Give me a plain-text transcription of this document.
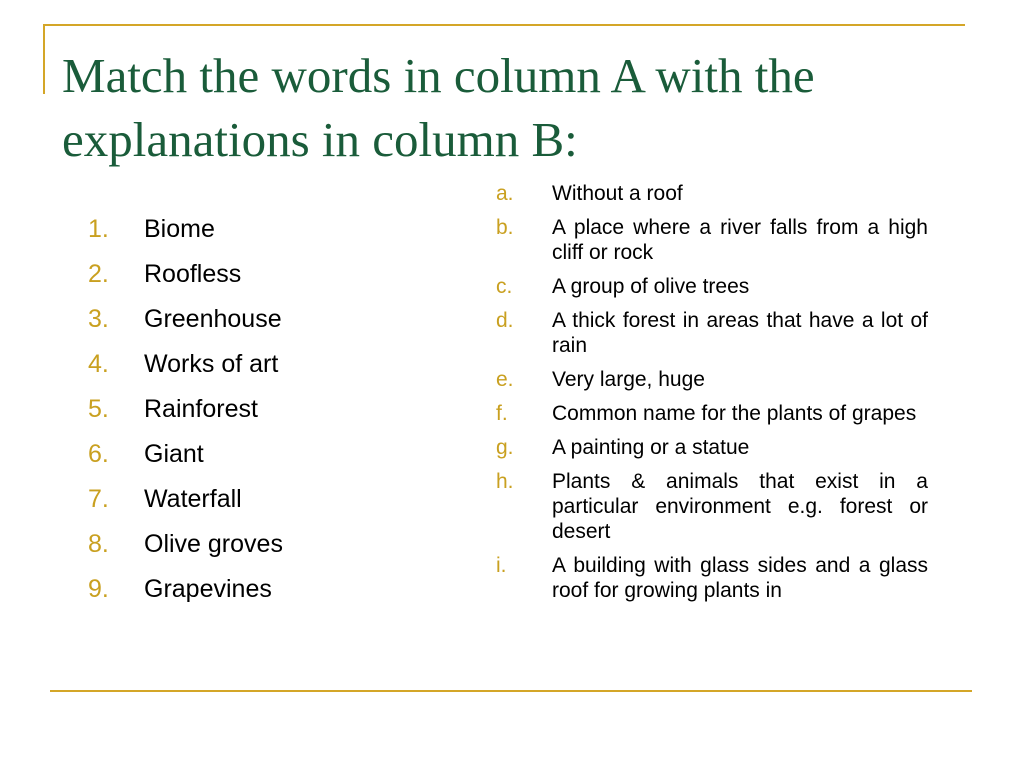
Match the words in column A with the explanations in column B:
1.	Biome
2.	Roofless
3.	Greenhouse
4.	Works of art
5.	Rainforest
6.	Giant
7.	Waterfall
8.	Olive groves
9.	Grapevines
a.	Without a roof
b.	A place where a river falls from a high cliff or rock
c.	A group of olive trees
d.	A thick forest in areas that have a lot of rain
e.	Very large, huge
f.	Common name for the plants of grapes
g.	A painting or a statue
h.	Plants & animals that exist in a particular environment e.g. forest or desert
i.	A building with glass sides and a glass roof for growing plants in
